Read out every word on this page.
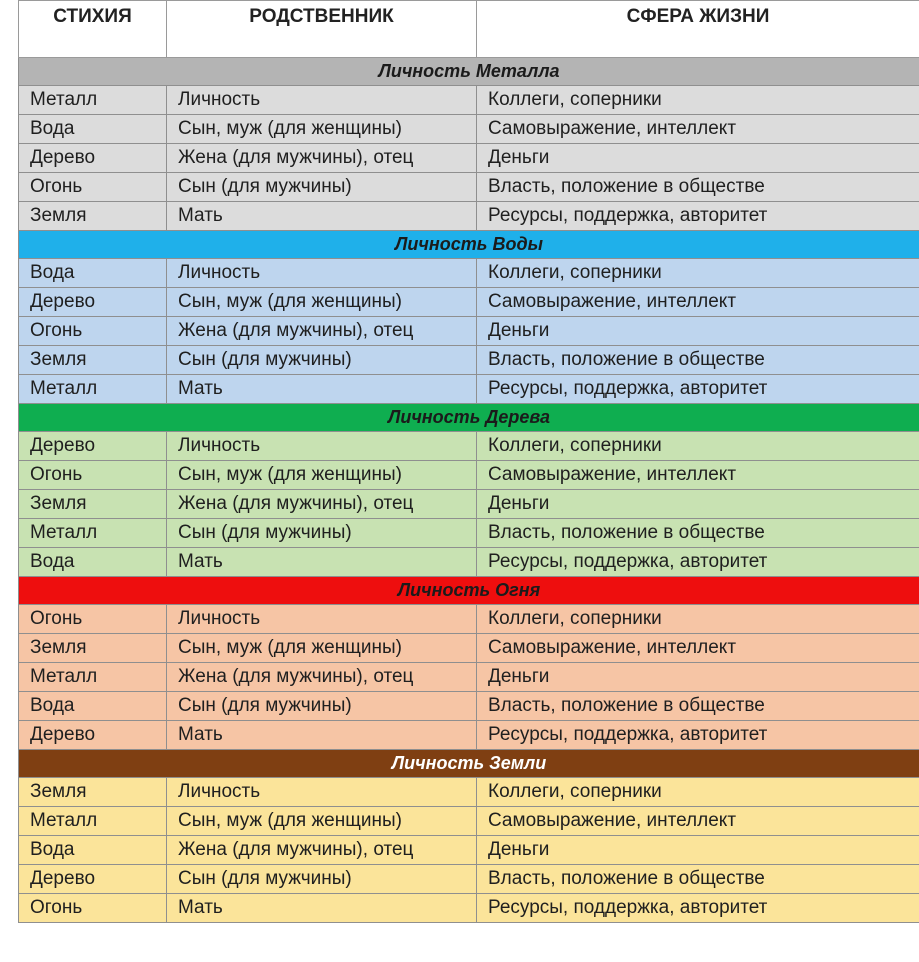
СТИХИЯ	РОДСТВЕННИК	СФЕРА ЖИЗНИ
Личность Металла		
Металл	Личность	Коллеги, соперники
Вода	Сын, муж (для женщины)	Самовыражение, интеллект
Дерево	Жена (для мужчины), отец	Деньги
Огонь	Сын (для мужчины)	Власть, положение в обществе
Земля	Мать	Ресурсы, поддержка, авторитет
Личность Воды		
Вода	Личность	Коллеги, соперники
Дерево	Сын, муж (для женщины)	Самовыражение, интеллект
Огонь	Жена (для мужчины), отец	Деньги
Земля	Сын (для мужчины)	Власть, положение в обществе
Металл	Мать	Ресурсы, поддержка, авторитет
Личность Дерева		
Дерево	Личность	Коллеги, соперники
Огонь	Сын, муж (для женщины)	Самовыражение, интеллект
Земля	Жена (для мужчины), отец	Деньги
Металл	Сын (для мужчины)	Власть, положение в обществе
Вода	Мать	Ресурсы, поддержка, авторитет
Личность Огня		
Огонь	Личность	Коллеги, соперники
Земля	Сын, муж (для женщины)	Самовыражение, интеллект
Металл	Жена (для мужчины), отец	Деньги
Вода	Сын (для мужчины)	Власть, положение в обществе
Дерево	Мать	Ресурсы, поддержка, авторитет
Личность Земли		
Земля	Личность	Коллеги, соперники
Металл	Сын, муж (для женщины)	Самовыражение, интеллект
Вода	Жена (для мужчины), отец	Деньги
Дерево	Сын (для мужчины)	Власть, положение в обществе
Огонь	Мать	Ресурсы, поддержка, авторитет
